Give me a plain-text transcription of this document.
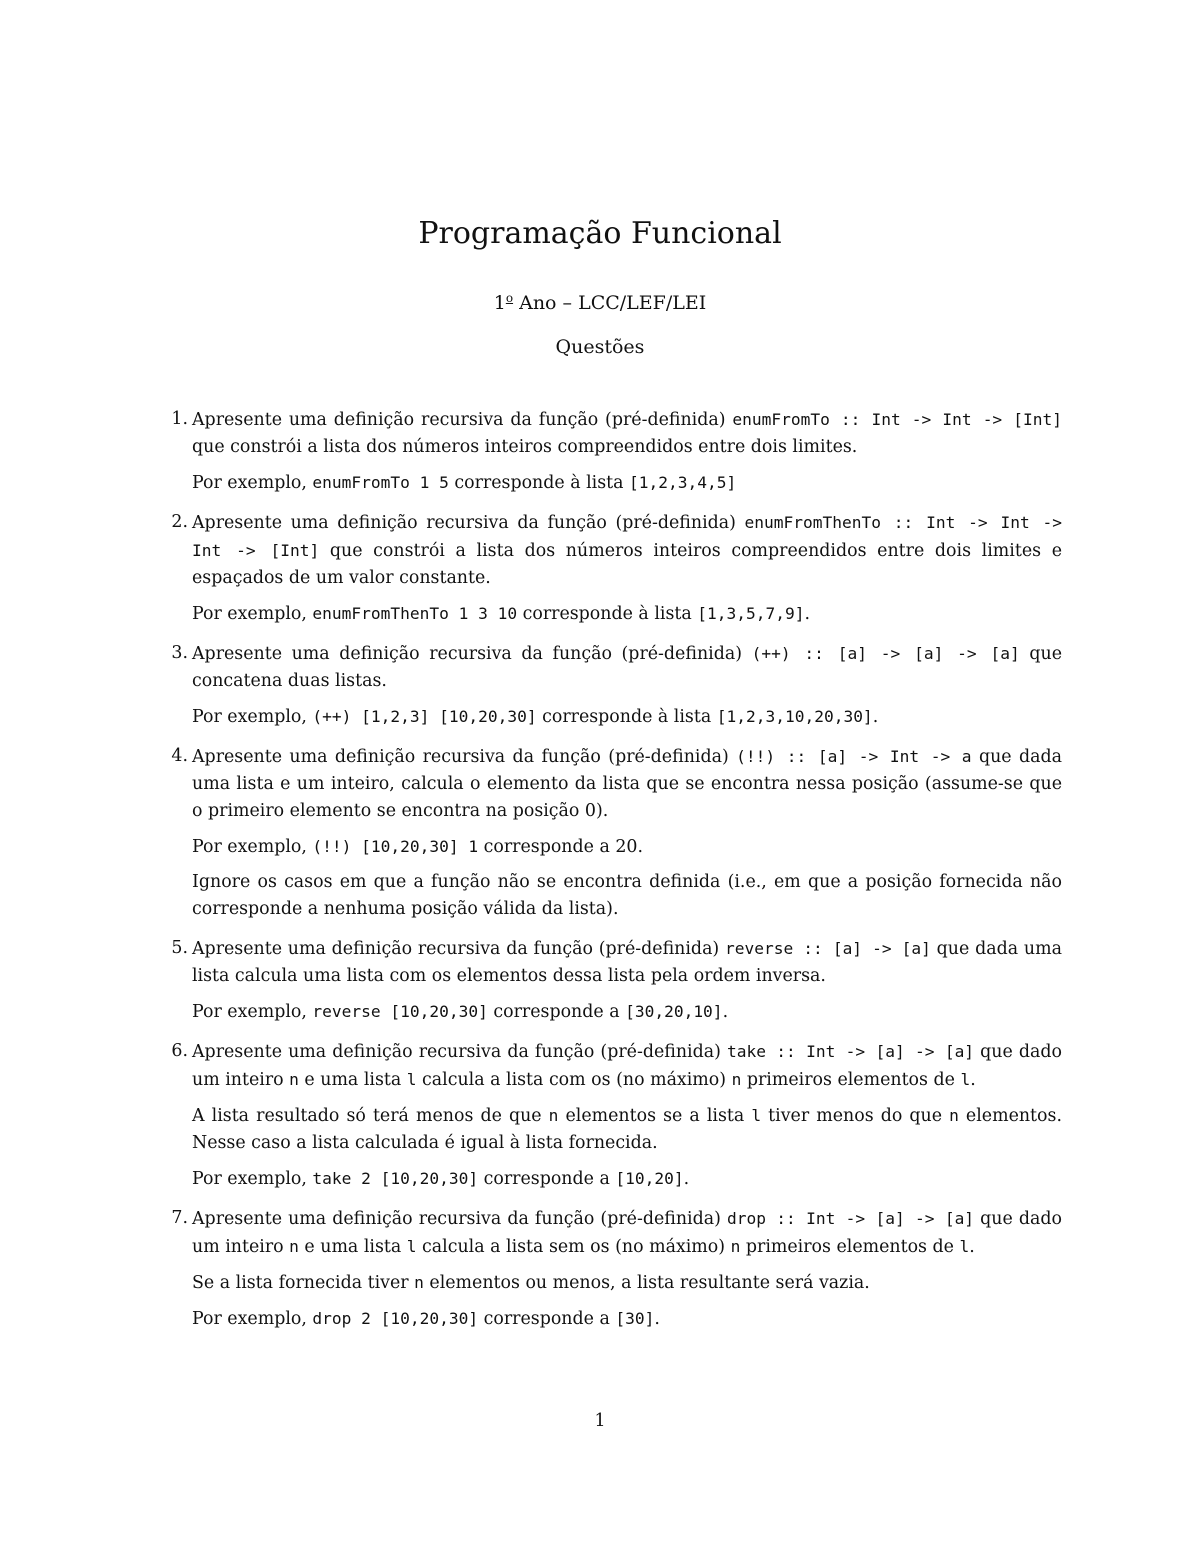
Programação Funcional
1$^o$ Ano – LCC/LEF/LEI
Questões
1. Apresente uma definição recursiva da função (pré-definida) enumFromTo :: Int -> Int -> [Int] que constrói a lista dos números inteiros compreendidos entre dois limites.

Por exemplo, enumFromTo 1 5 corresponde à lista [1,2,3,4,5]

2. Apresente uma definição recursiva da função (pré-definida) enumFromThenTo :: Int -> Int -> Int -> [Int] que constrói a lista dos números inteiros compreendidos entre dois limites e espaçados de um valor constante.

Por exemplo, enumFromThenTo 1 3 10 corresponde à lista [1,3,5,7,9].

3. Apresente uma definição recursiva da função (pré-definida) (++) :: [a] -> [a] -> [a] que concatena duas listas.

Por exemplo, (++) [1,2,3] [10,20,30] corresponde à lista [1,2,3,10,20,30].

4. Apresente uma definição recursiva da função (pré-definida) (!!) :: [a] -> Int -> a que dada uma lista e um inteiro, calcula o elemento da lista que se encontra nessa posição (assume-se que o primeiro elemento se encontra na posição 0).

Por exemplo, (!!) [10,20,30] 1 corresponde a 20.

Ignore os casos em que a função não se encontra definida (i.e., em que a posição fornecida não corresponde a nenhuma posição válida da lista).

5. Apresente uma definição recursiva da função (pré-definida) reverse :: [a] -> [a] que dada uma lista calcula uma lista com os elementos dessa lista pela ordem inversa.

Por exemplo, reverse [10,20,30] corresponde a [30,20,10].

6. Apresente uma definição recursiva da função (pré-definida) take :: Int -> [a] -> [a] que dado um inteiro n e uma lista l calcula a lista com os (no máximo) n primeiros elementos de l.

A lista resultado só terá menos de que n elementos se a lista l tiver menos do que n elementos. Nesse caso a lista calculada é igual à lista fornecida.

Por exemplo, take 2 [10,20,30] corresponde a [10,20].

7. Apresente uma definição recursiva da função (pré-definida) drop :: Int -> [a] -> [a] que dado um inteiro n e uma lista l calcula a lista sem os (no máximo) n primeiros elementos de l.

Se a lista fornecida tiver n elementos ou menos, a lista resultante será vazia.

Por exemplo, drop 2 [10,20,30] corresponde a [30].

1
